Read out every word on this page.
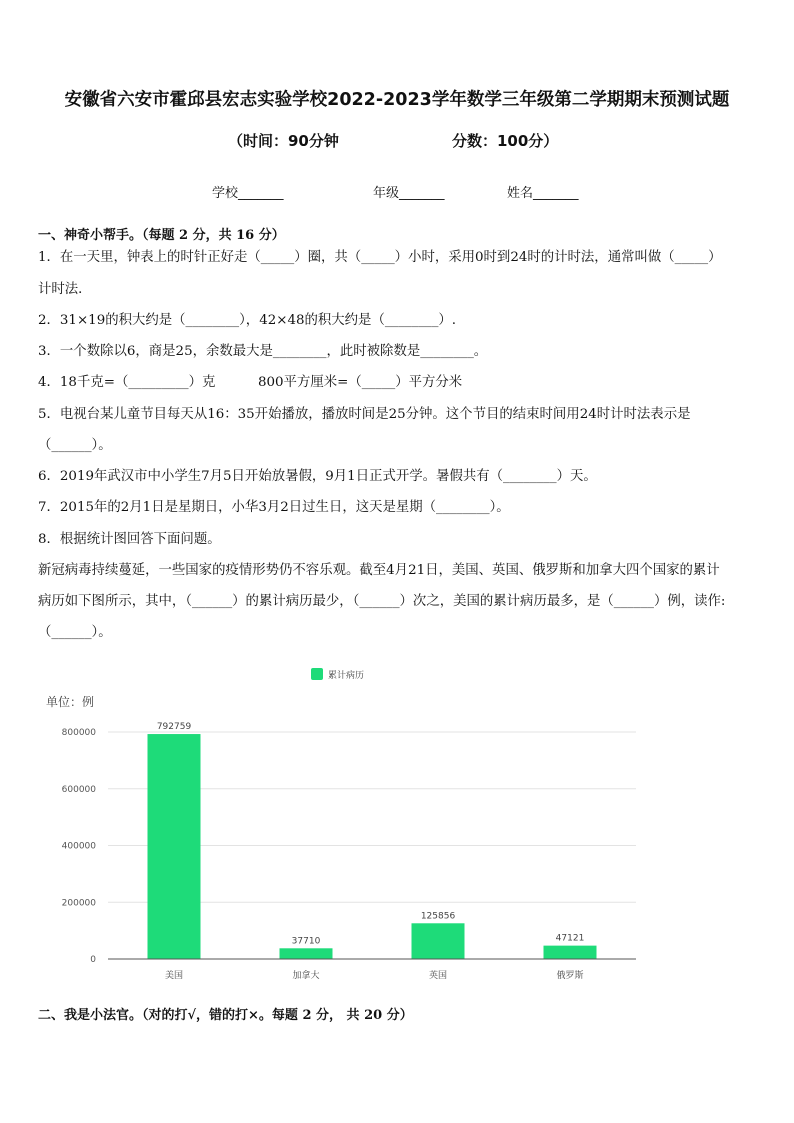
安徽省六安市霍邱县宏志实验学校2022-2023学年数学三年级第二学期期末预测试题
（时间：90分钟	分数：100分）
学校_______	年级_______	姓名_______
一、神奇小帮手。（每题 2 分，共 16 分）
1．在一天里，钟表上的时针正好走（_____）圈，共（_____）小时，采用0时到24时的计时法，通常叫做（_____）
计时法．
2．31×19的积大约是（________），42×48的积大约是（________）.
3．一个数除以6，商是25，余数最大是________，此时被除数是________。
4．18千克=（_________）克	800平方厘米=（_____）平方分米
5．电视台某儿童节目每天从16：35开始播放，播放时间是25分钟。这个节目的结束时间用24时计时法表示是
（______）。
6．2019年武汉市中小学生7月5日开始放暑假，9月1日正式开学。暑假共有（________）天。
7．2015年的2月1日是星期日，小华3月2日过生日，这天是星期（________）。
8．根据统计图回答下面问题。
新冠病毒持续蔓延，一些国家的疫情形势仍不容乐观。截至4月21日，美国、英国、俄罗斯和加拿大四个国家的累计
病历如下图所示，其中，（______）的累计病历最少，（______）次之，美国的累计病历最多，是（______）例，读作:
（______）。
累计病历
单位：例
0
200000
400000
600000
800000
792759
37710
125856
47121
美国	加拿大	英国	俄罗斯
二、我是小法官。（对的打√，错的打×。每题 2 分， 共 20 分）
